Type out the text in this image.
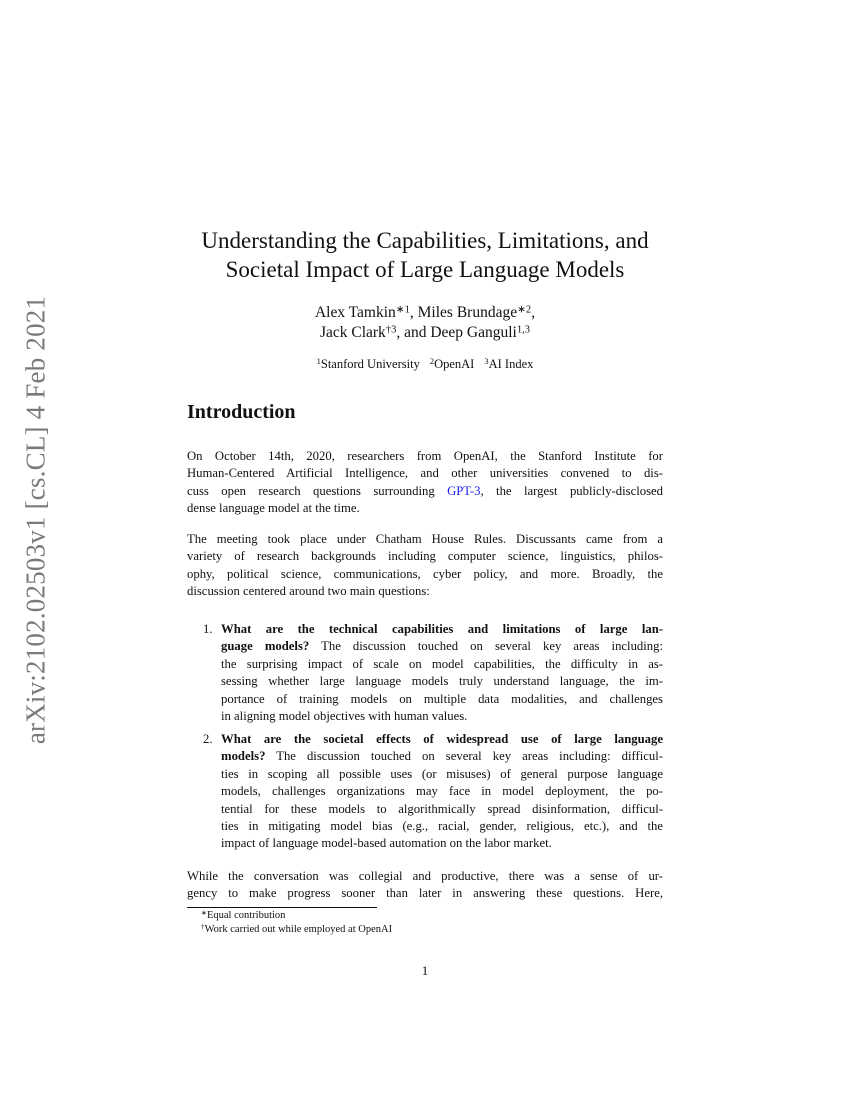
arXiv:2102.02503v1 [cs.CL] 4 Feb 2021
Understanding the Capabilities, Limitations, and
Societal Impact of Large Language Models
Alex Tamkin$^{∗1}$, Miles Brundage$^{∗2}$,
Jack Clark$^{\dagger 3}$, and Deep Ganguli$^{1,3}$
$^1$Stanford University $^2$OpenAI $^3$AI Index
Introduction
On October 14th, 2020, researchers from OpenAI, the Stanford Institute for
Human-Centered Artificial Intelligence, and other universities convened to dis-
cuss open research questions surrounding GPT-3, the largest publicly-disclosed
dense language model at the time.
The meeting took place under Chatham House Rules. Discussants came from a
variety of research backgrounds including computer science, linguistics, philos-
ophy, political science, communications, cyber policy, and more. Broadly, the
discussion centered around two main questions:
1. What are the technical capabilities and limitations of large lan-
guage models? The discussion touched on several key areas including:
the surprising impact of scale on model capabilities, the difficulty in as-
sessing whether large language models truly understand language, the im-
portance of training models on multiple data modalities, and challenges
in aligning model objectives with human values.
2. What are the societal effects of widespread use of large language
models? The discussion touched on several key areas including: difficul-
ties in scoping all possible uses (or misuses) of general purpose language
models, challenges organizations may face in model deployment, the po-
tential for these models to algorithmically spread disinformation, difficul-
ties in mitigating model bias (e.g., racial, gender, religious, etc.), and the
impact of language model-based automation on the labor market.
While the conversation was collegial and productive, there was a sense of ur-
gency to make progress sooner than later in answering these questions. Here,
∗Equal contribution
†Work carried out while employed at OpenAI
1
